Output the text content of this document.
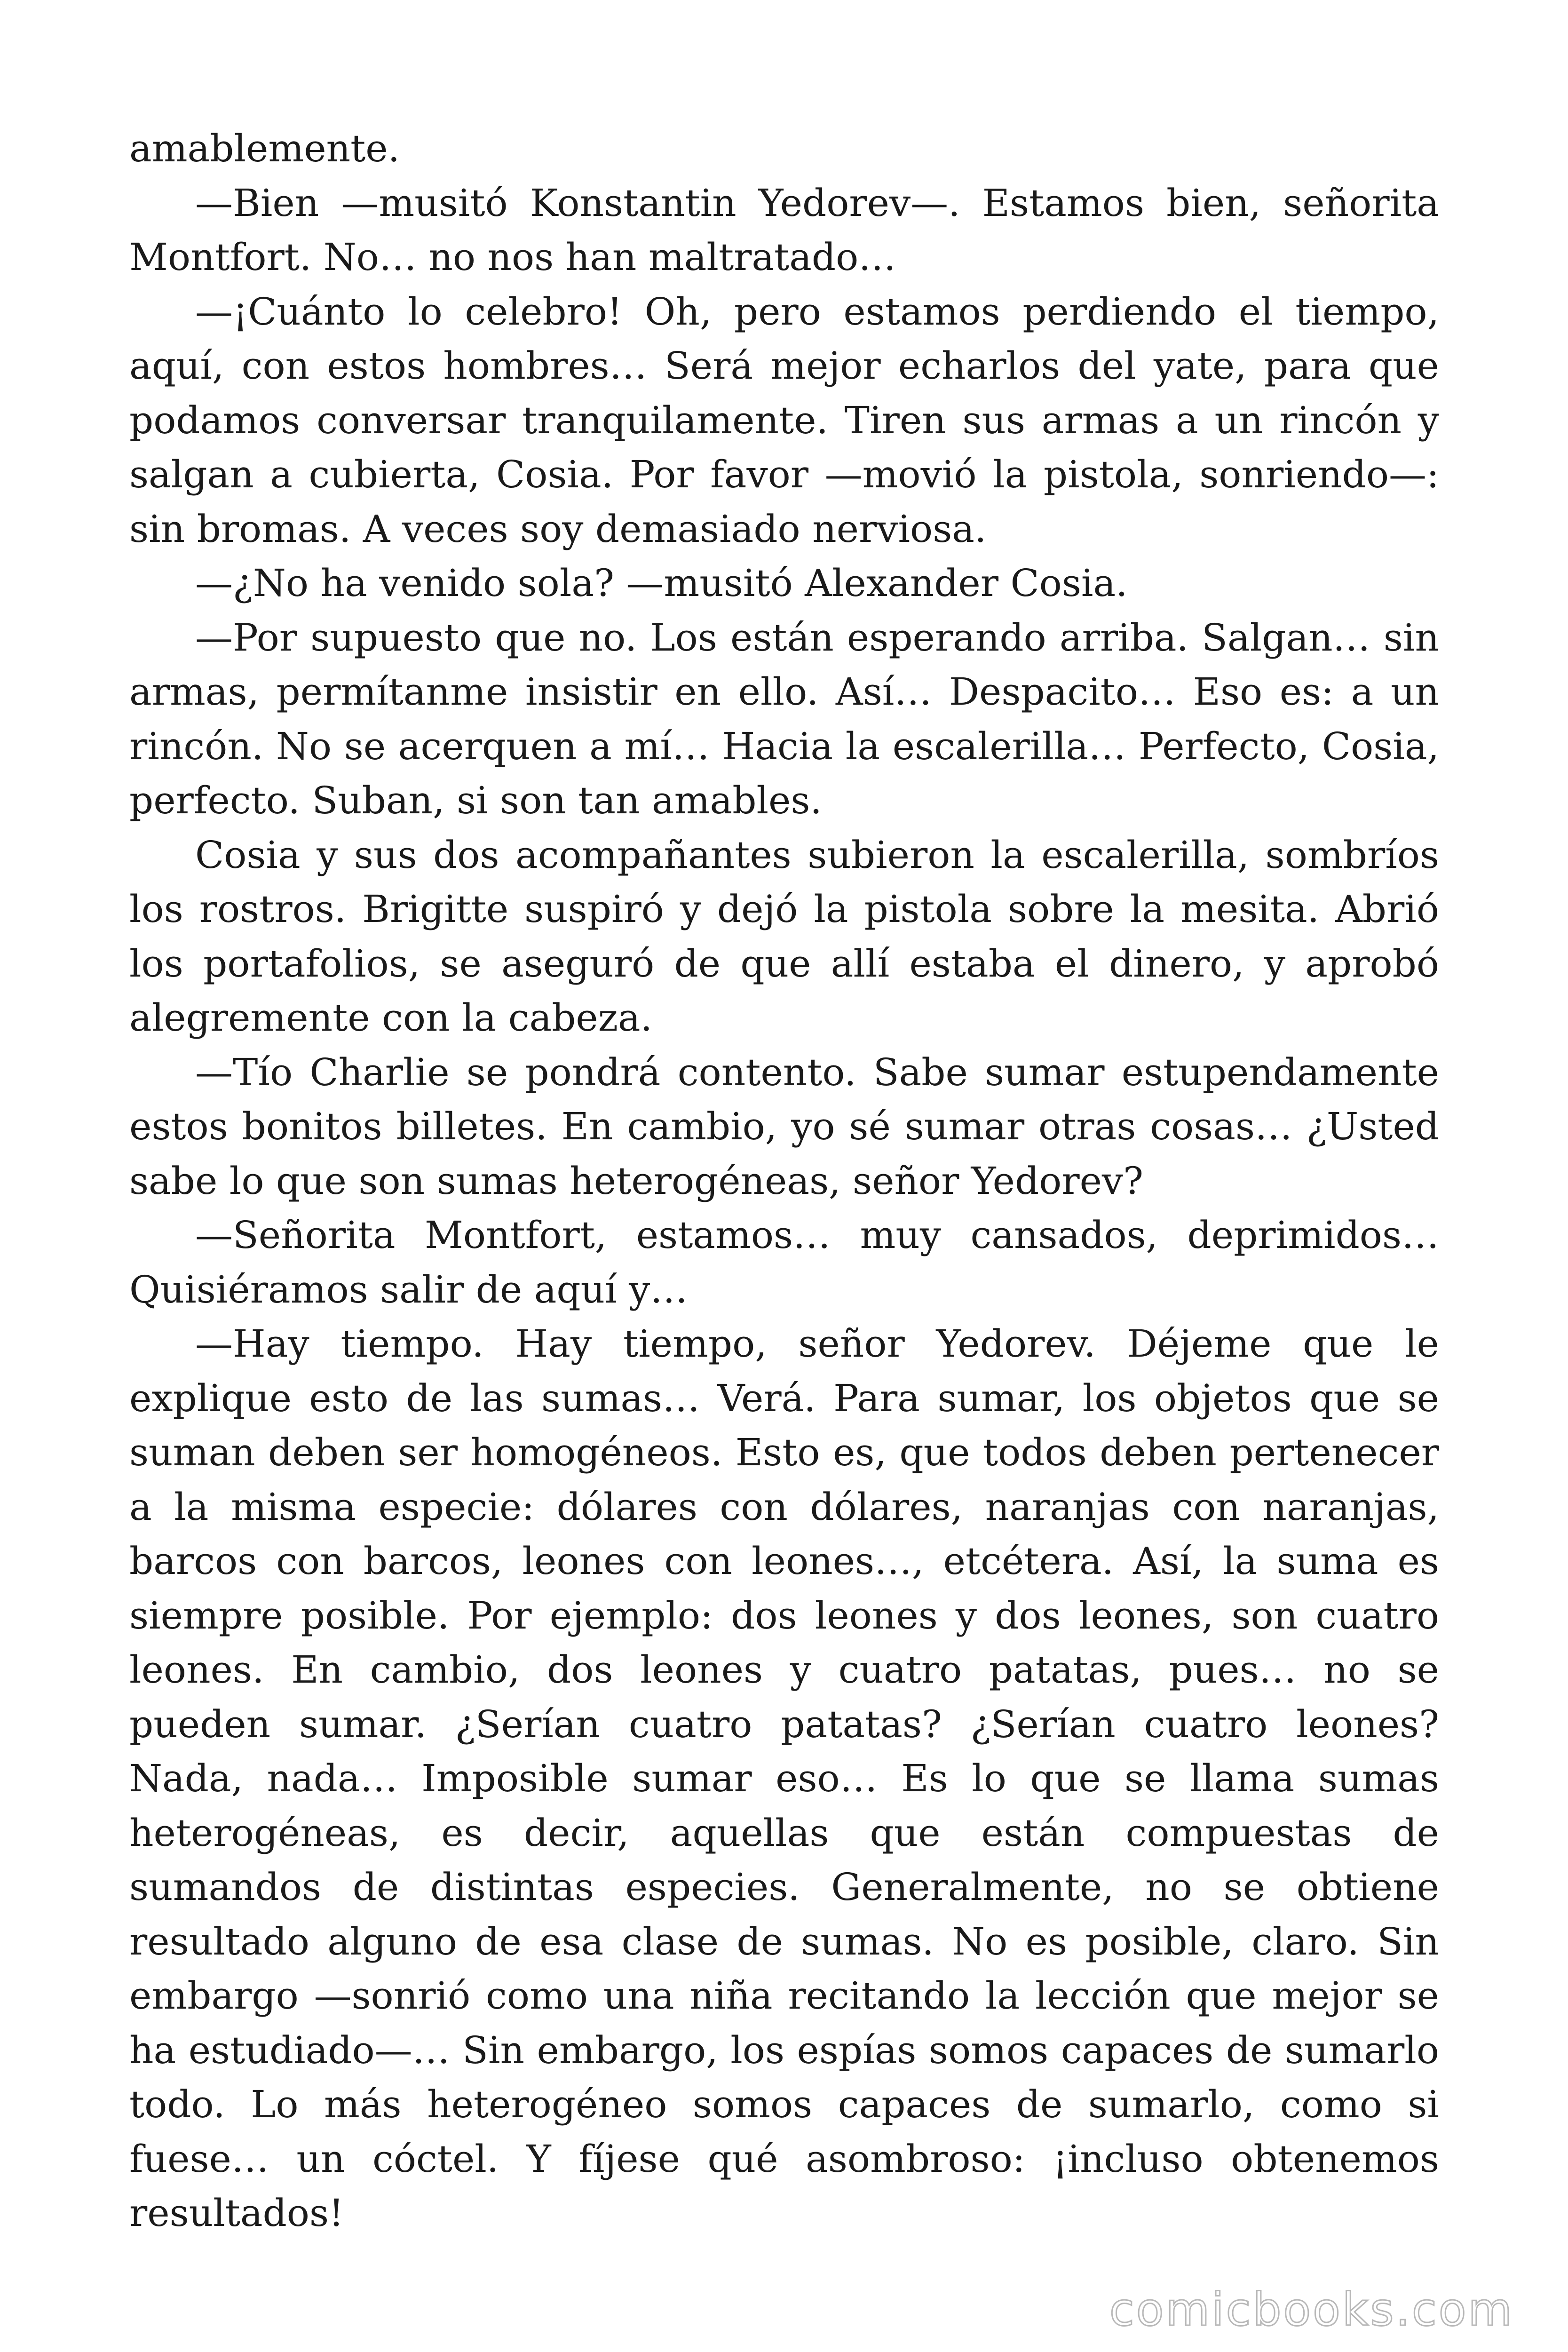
amablemente.

—Bien —musitó Konstantin Yedorev—. Estamos bien, señorita Montfort. No… no nos han maltratado…

—¡Cuánto lo celebro! Oh, pero estamos perdiendo el tiempo, aquí, con estos hombres… Será mejor echarlos del yate, para que podamos conversar tranquilamente. Tiren sus armas a un rincón y salgan a cubierta, Cosia. Por favor —movió la pistola, sonriendo—: sin bromas. A veces soy demasiado nerviosa.

—¿No ha venido sola? —musitó Alexander Cosia.

—Por supuesto que no. Los están esperando arriba. Salgan… sin armas, permítanme insistir en ello. Así… Despacito… Eso es: a un rincón. No se acerquen a mí… Hacia la escalerilla… Perfecto, Cosia, perfecto. Suban, si son tan amables.

Cosia y sus dos acompañantes subieron la escalerilla, sombríos los rostros. Brigitte suspiró y dejó la pistola sobre la mesita. Abrió los portafolios, se aseguró de que allí estaba el dinero, y aprobó alegremente con la cabeza.

—Tío Charlie se pondrá contento. Sabe sumar estupendamente estos bonitos billetes. En cambio, yo sé sumar otras cosas… ¿Usted sabe lo que son sumas heterogéneas, señor Yedorev?

—Señorita Montfort, estamos… muy cansados, deprimidos… Quisiéramos salir de aquí y…

—Hay tiempo. Hay tiempo, señor Yedorev. Déjeme que le explique esto de las sumas… Verá. Para sumar, los objetos que se suman deben ser homogéneos. Esto es, que todos deben pertenecer a la misma especie: dólares con dólares, naranjas con naranjas, barcos con barcos, leones con leones…, etcétera. Así, la suma es siempre posible. Por ejemplo: dos leones y dos leones, son cuatro leones. En cambio, dos leones y cuatro patatas, pues… no se pueden sumar. ¿Serían cuatro patatas? ¿Serían cuatro leones? Nada, nada… Imposible sumar eso… Es lo que se llama sumas heterogéneas, es decir, aquellas que están compuestas de sumandos de distintas especies. Generalmente, no se obtiene resultado alguno de esa clase de sumas. No es posible, claro. Sin embargo —sonrió como una niña recitando la lección que mejor se ha estudiado—… Sin embargo, los espías somos capaces de sumarlo todo. Lo más heterogéneo somos capaces de sumarlo, como si fuese… un cóctel. Y fíjese qué asombroso: ¡incluso obtenemos resultados!

comicbooks.com
